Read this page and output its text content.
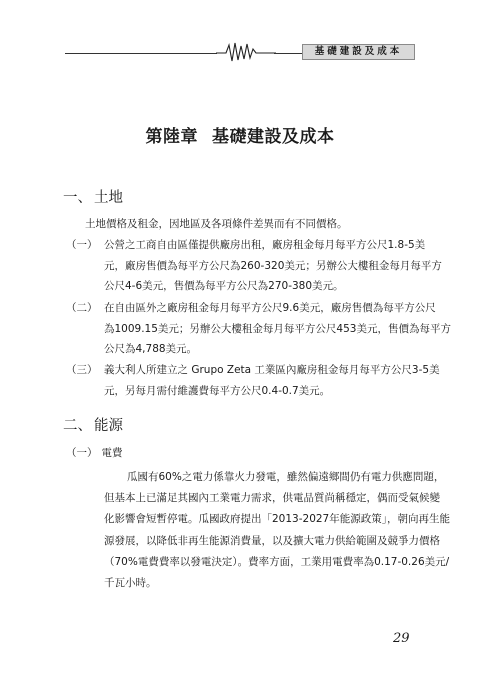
基礎建設及成本
第陸章 基礎建設及成本
一、 土地
土地價格及租金，因地區及各項條件差異而有不同價格。
（一） 公營之工商自由區僅提供廠房出租，廠房租金每月每平方公尺1.8-5美
元，廠房售價為每平方公尺為260-320美元；另辦公大樓租金每月每平方
公尺4-6美元，售價為每平方公尺為270-380美元。
（二） 在自由區外之廠房租金每月每平方公尺9.6美元，廠房售價為每平方公尺
為1009.15美元；另辦公大樓租金每月每平方公尺453美元，售價為每平方
公尺為4,788美元。
（三） 義大利人所建立之 Grupo Zeta 工業區內廠房租金每月每平方公尺3-5美
元，另每月需付維護費每平方公尺0.4-0.7美元。
二、 能源
（一） 電費
瓜國有60%之電力係靠火力發電，雖然偏遠鄉間仍有電力供應問題，
但基本上已滿足其國內工業電力需求，供電品質尚稱穩定，偶而受氣候變
化影響會短暫停電。瓜國政府提出「2013-2027年能源政策」，朝向再生能
源發展，以降低非再生能源消費量，以及擴大電力供給範圍及競爭力價格
（70%電費費率以發電決定）。費率方面，工業用電費率為0.17-0.26美元/
千瓦小時。
29
